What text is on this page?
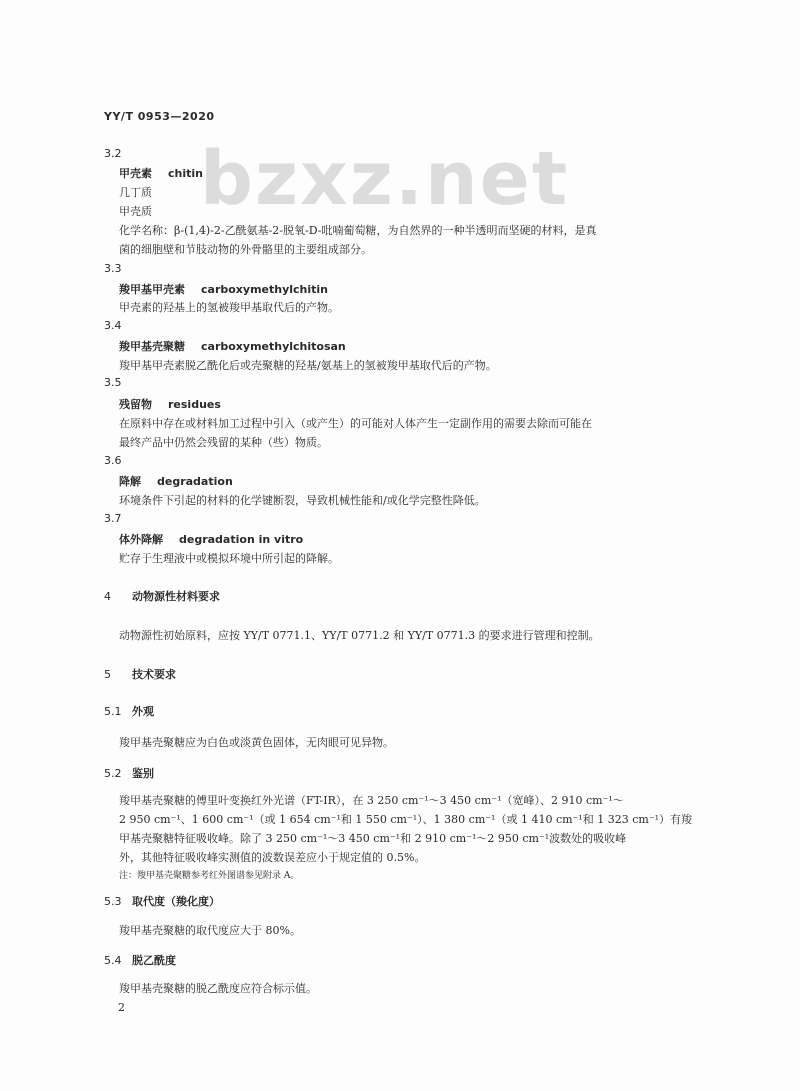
YY/T 0953—2020
bzxz.net
3.2
甲壳素 chitin
几丁质
甲壳质
化学名称：β-(1,4)-2-乙酰氨基-2-脱氧-D-吡喃葡萄糖，为自然界的一种半透明而坚硬的材料，是真
菌的细胞壁和节肢动物的外骨骼里的主要组成部分。
3.3
羧甲基甲壳素 carboxymethylchitin
甲壳素的羟基上的氢被羧甲基取代后的产物。
3.4
羧甲基壳聚糖 carboxymethylchitosan
羧甲基甲壳素脱乙酰化后或壳聚糖的羟基/氨基上的氢被羧甲基取代后的产物。
3.5
残留物 residues
在原料中存在或材料加工过程中引入（或产生）的可能对人体产生一定副作用的需要去除而可能在
最终产品中仍然会残留的某种（些）物质。
3.6
降解 degradation
环境条件下引起的材料的化学键断裂，导致机械性能和/或化学完整性降低。
3.7
体外降解 degradation in vitro
贮存于生理液中或模拟环境中所引起的降解。
4 动物源性材料要求
动物源性初始原料，应按 YY/T 0771.1、YY/T 0771.2 和 YY/T 0771.3 的要求进行管理和控制。
5 技术要求
5.1 外观
羧甲基壳聚糖应为白色或淡黄色固体，无肉眼可见异物。
5.2 鉴别
羧甲基壳聚糖的傅里叶变换红外光谱（FT-IR），在 3 250 cm⁻¹～3 450 cm⁻¹（宽峰）、2 910 cm⁻¹～
2 950 cm⁻¹、1 600 cm⁻¹（或 1 654 cm⁻¹和 1 550 cm⁻¹）、1 380 cm⁻¹（或 1 410 cm⁻¹和 1 323 cm⁻¹）有羧
甲基壳聚糖特征吸收峰。除了 3 250 cm⁻¹～3 450 cm⁻¹和 2 910 cm⁻¹～2 950 cm⁻¹波数处的吸收峰
外，其他特征吸收峰实测值的波数误差应小于规定值的 0.5%。
注：羧甲基壳聚糖参考红外图谱参见附录 A。
5.3 取代度（羧化度）
羧甲基壳聚糖的取代度应大于 80%。
5.4 脱乙酰度
羧甲基壳聚糖的脱乙酰度应符合标示值。
2
